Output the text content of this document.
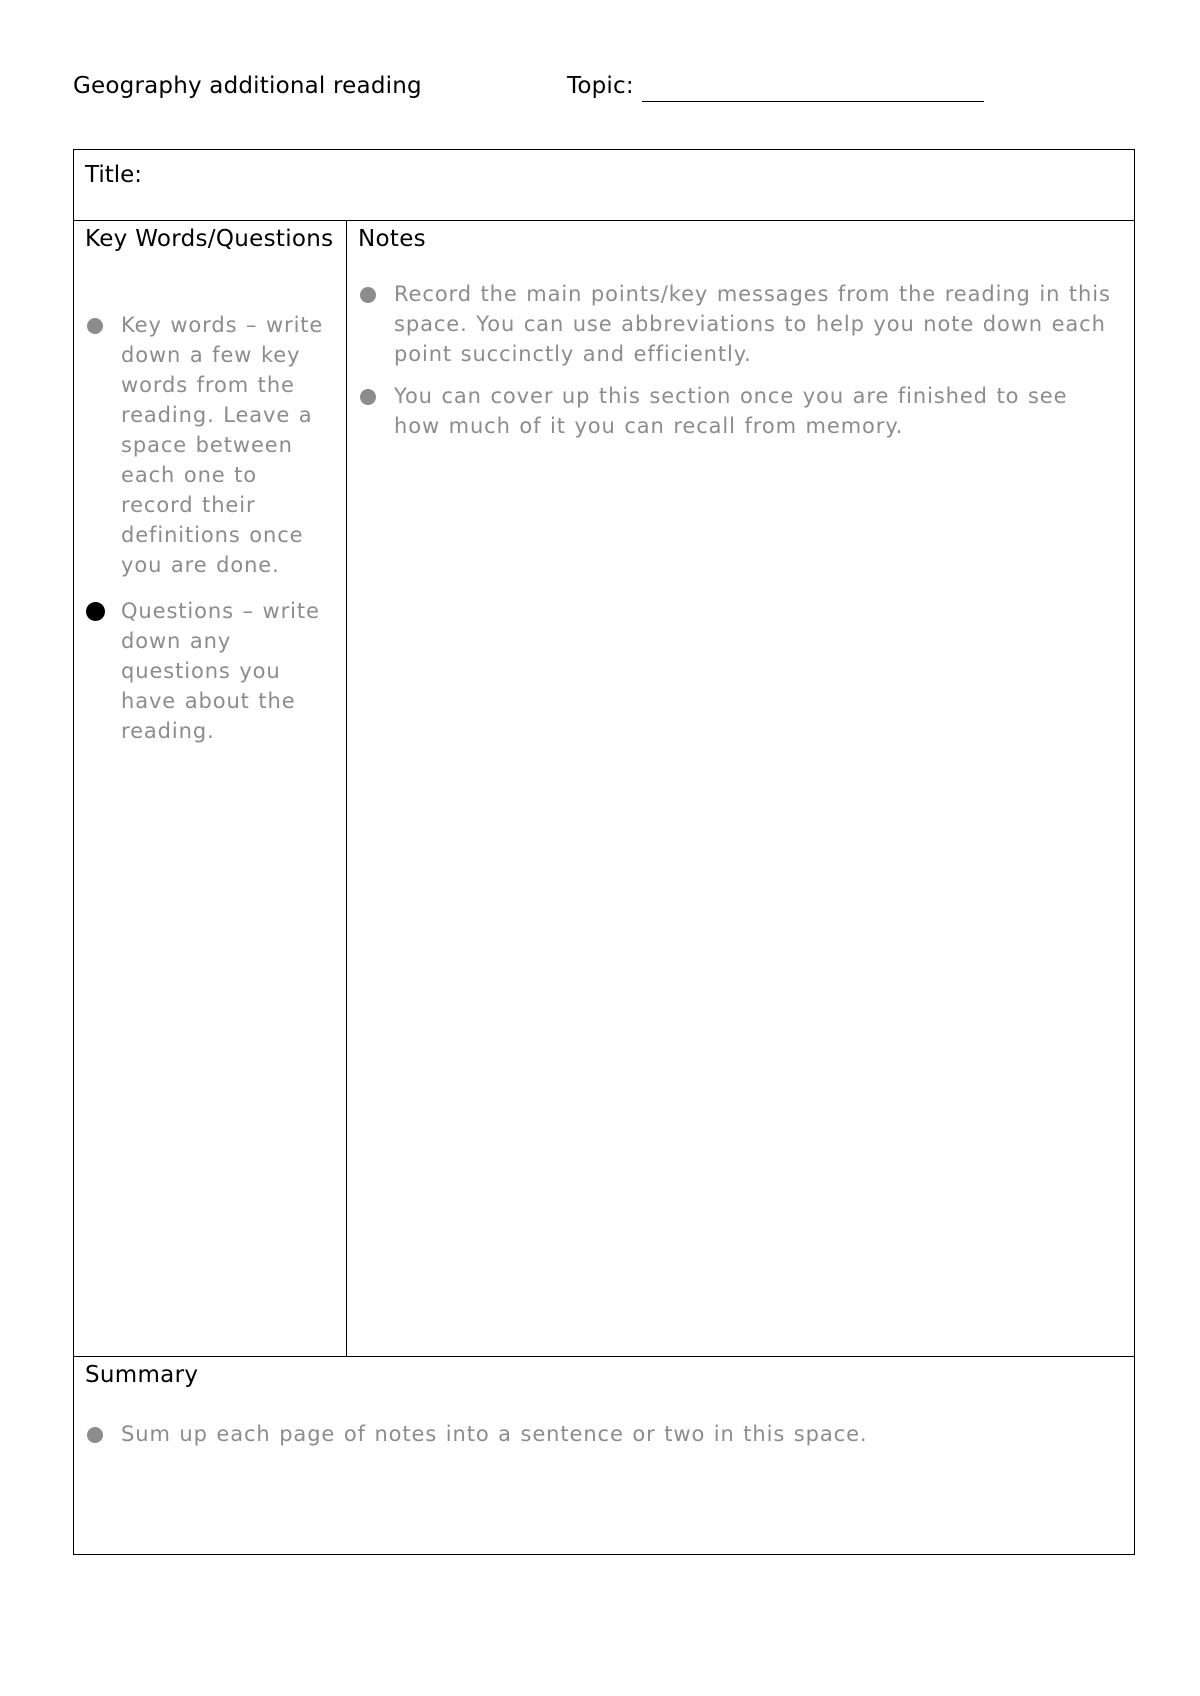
Geography additional reading	Topic:
Title:
Key Words/Questions
Key words – write down a few key words from the reading. Leave a space between each one to record their definitions once you are done.
Questions – write down any questions you have about the reading.
Notes
Record the main points/key messages from the reading in this space. You can use abbreviations to help you note down each point succinctly and efficiently.
You can cover up this section once you are finished to see how much of it you can recall from memory.
Summary
Sum up each page of notes into a sentence or two in this space.
